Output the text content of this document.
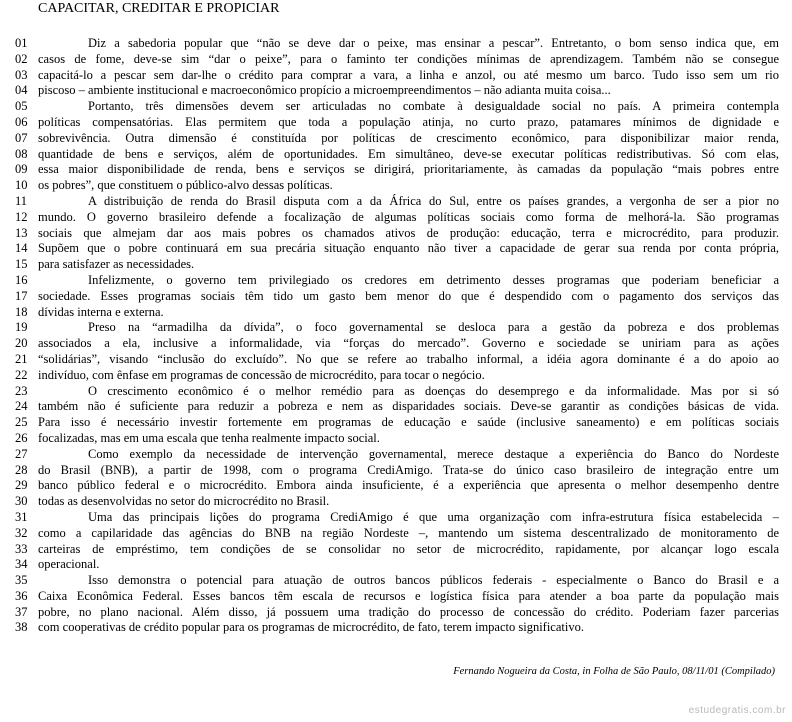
CAPACITAR, CREDITAR E PROPICIAR
01
02
03
04
05
06
07
08
09
10
11
12
13
14
15
16
17
18
19
20
21
22
23
24
25
26
27
28
29
30
31
32
33
34
35
36
37
38
Diz a sabedoria popular que “não se deve dar o peixe, mas ensinar a pescar”. Entretanto, o bom senso indica que, em
casos de fome, deve-se sim “dar o peixe”, para o faminto ter condições mínimas de aprendizagem. Também não se consegue
capacitá-lo a pescar sem dar-lhe o crédito para comprar a vara, a linha e anzol, ou até mesmo um barco. Tudo isso sem um rio
piscoso – ambiente institucional e macroeconômico propício a microempreendimentos – não adianta muita coisa...
Portanto, três dimensões devem ser articuladas no combate à desigualdade social no país. A primeira contempla
políticas compensatórias. Elas permitem que toda a população atinja, no curto prazo, patamares mínimos de dignidade e
sobrevivência. Outra dimensão é constituída por políticas de crescimento econômico, para disponibilizar maior renda,
quantidade de bens e serviços, além de oportunidades. Em simultâneo, deve-se executar políticas redistributivas. Só com elas,
essa maior disponibilidade de renda, bens e serviços se dirigirá, prioritariamente, às camadas da população “mais pobres entre
os pobres”, que constituem o público-alvo dessas políticas.
A distribuição de renda do Brasil disputa com a da África do Sul, entre os países grandes, a vergonha de ser a pior no
mundo. O governo brasileiro defende a focalização de algumas políticas sociais como forma de melhorá-la. São programas
sociais que almejam dar aos mais pobres os chamados ativos de produção: educação, terra e microcrédito, para produzir.
Supõem que o pobre continuará em sua precária situação enquanto não tiver a capacidade de gerar sua renda por conta própria,
para satisfazer as necessidades.
Infelizmente, o governo tem privilegiado os credores em detrimento desses programas que poderiam beneficiar a
sociedade. Esses programas sociais têm tido um gasto bem menor do que é despendido com o pagamento dos serviços das
dívidas interna e externa.
Preso na “armadilha da dívida”, o foco governamental se desloca para a gestão da pobreza e dos problemas
associados a ela, inclusive a informalidade, via “forças do mercado”. Governo e sociedade se uniriam para as ações
“solidárias”, visando “inclusão do excluído”. No que se refere ao trabalho informal, a idéia agora dominante é a do apoio ao
indivíduo, com ênfase em programas de concessão de microcrédito, para tocar o negócio.
O crescimento econômico é o melhor remédio para as doenças do desemprego e da informalidade. Mas por si só
também não é suficiente para reduzir a pobreza e nem as disparidades sociais. Deve-se garantir as condições básicas de vida.
Para isso é necessário investir fortemente em programas de educação e saúde (inclusive saneamento) e em políticas sociais
focalizadas, mas em uma escala que tenha realmente impacto social.
Como exemplo da necessidade de intervenção governamental, merece destaque a experiência do Banco do Nordeste
do Brasil (BNB), a partir de 1998, com o programa CrediAmigo. Trata-se do único caso brasileiro de integração entre um
banco público federal e o microcrédito. Embora ainda insuficiente, é a experiência que apresenta o melhor desempenho dentre
todas as desenvolvidas no setor do microcrédito no Brasil.
Uma das principais lições do programa CrediAmigo é que uma organização com infra-estrutura física estabelecida –
como a capilaridade das agências do BNB na região Nordeste –, mantendo um sistema descentralizado de monitoramento de
carteiras de empréstimo, tem condições de se consolidar no setor de microcrédito, rapidamente, por alcançar logo escala
operacional.
Isso demonstra o potencial para atuação de outros bancos públicos federais - especialmente o Banco do Brasil e a
Caixa Econômica Federal. Esses bancos têm escala de recursos e logística física para atender a boa parte da população mais
pobre, no plano nacional. Além disso, já possuem uma tradição do processo de concessão do crédito. Poderiam fazer parcerias
com cooperativas de crédito popular para os programas de microcrédito, de fato, terem impacto significativo.
Fernando Nogueira da Costa, in Folha de São Paulo, 08/11/01 (Compilado)
estudegratis.com.br
